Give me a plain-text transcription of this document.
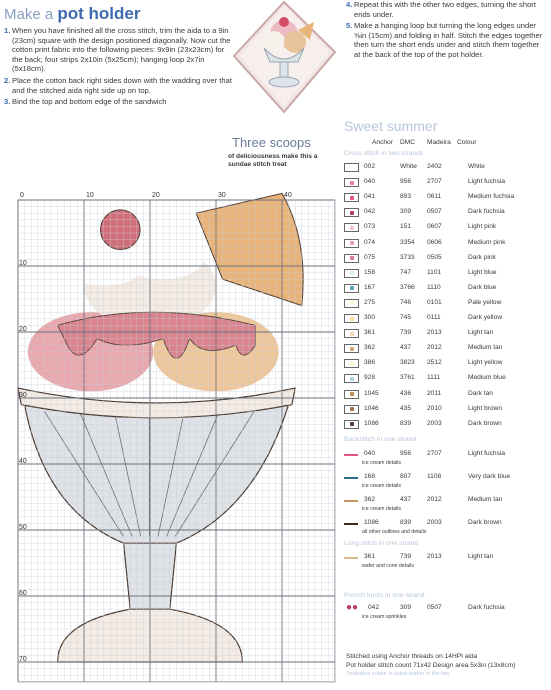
Make a pot holder
1. When you have finished all the cross stitch, trim the aida to a 9in (23cm) square with the design positioned diagonally. Now cut the cotton print fabric into the following pieces: 9x9in (23x23cm) for the back; four strips 2x10in (5x25cm); hanging loop 2x7in (5x18cm).
2. Place the cotton back right sides down with the wadding over that and the stitched aida right side up on top.
3. Bind the top and bottom edge of the sandwich
4. Repeat this with the other two edges, turning the short ends under.
5. Make a hanging loop but turning the long edges under ⅝in (15cm) and folding in half. Stitch the edges together then turn the short ends under and stitch them together at the back of the top of the pot holder.
Three scoops
of deliciousness make this a sundae stitch treat
Sweet summer
Anchor DMC Madeira Colour
Cross stitch in two strands
002	White 2402	White
040	956 2707	Light fuchsia
041	893 0611	Medium fuchsia
042	309 0507	Dark fuchsia
073	151 0607	Light pink
074	3354 0606	Medium pink
075	3733 0505	Dark pink
158	747 1101	Light blue
167	3766 1110	Dark blue
275	746 0101	Pale yellow
300	745 0111	Dark yellow
361	739 2013	Light tan
362	437 2012	Medium tan
386	3823 2512	Light yellow
928	3761 1111	Medium blue
1045	436 2011	Dark tan
1046	435 2010	Light brown
1086	839 2003	Dark brown
Backstitch in one strand
040	956 2707	Light fuchsia
ice cream details
168	807 1108	Very dark blue
ice cream details
362	437 2012	Medium tan
ice cream details
1086	839 2003	Dark brown
all other outlines and details
Long stitch in one strand
361	739 2013	Light tan
wafer and cone details
French knots in one strand
●● 042	309 0507	Dark fuchsia
ice cream sprinkles
Stitched using Anchor threads on 14HPI aida
Pot holder stitch count 71x42 Design area 5x3in (13x8cm)
*indicates colour is listed earlier in the key
0	10	20	30	40
10
20
30
40
50
60
70
